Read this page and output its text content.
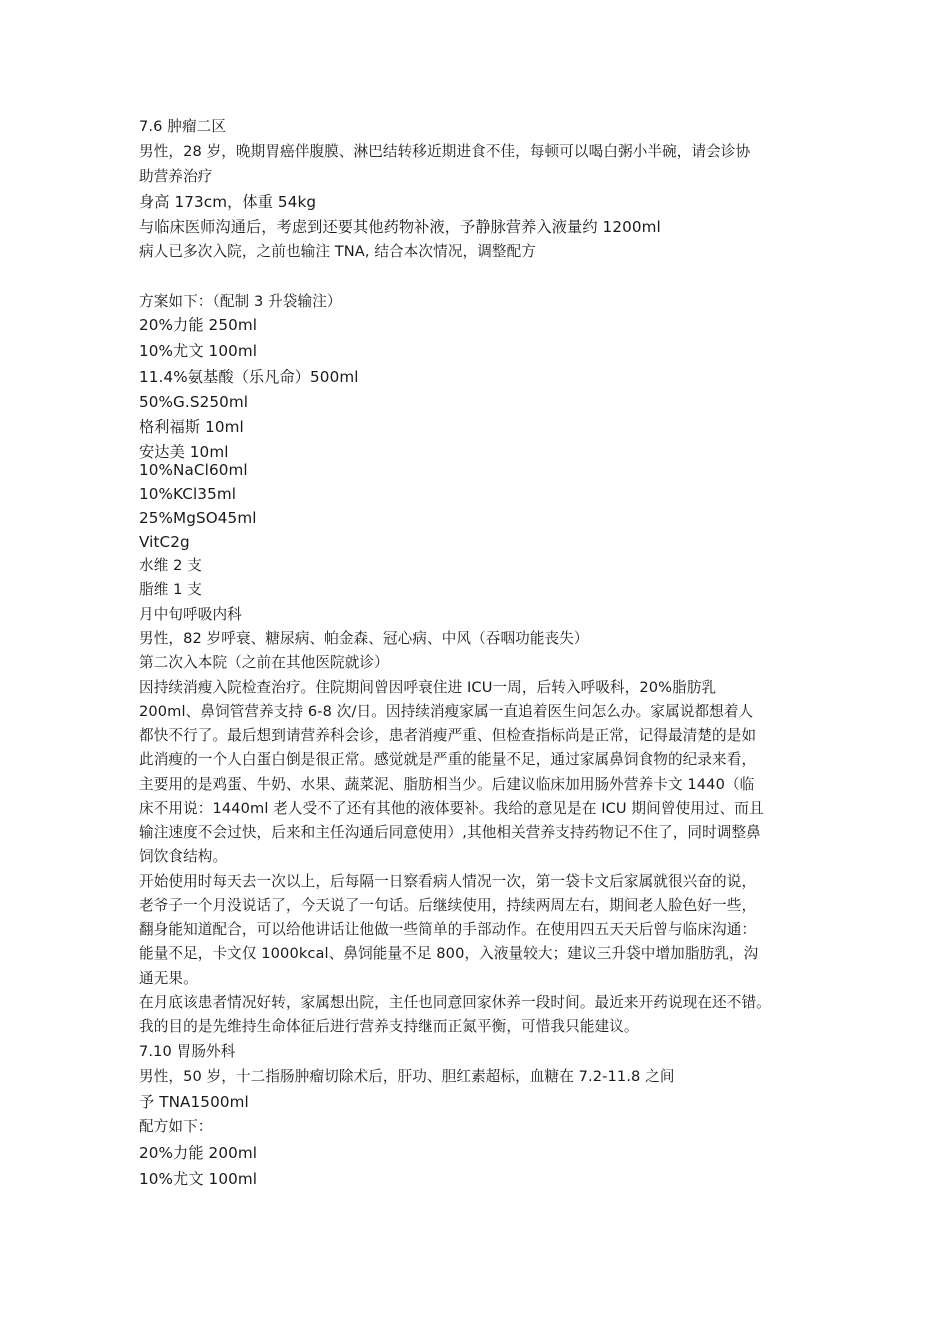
7.6 肿瘤二区
男性，28 岁，晚期胃癌伴腹膜、淋巴结转移近期进食不佳，每顿可以喝白粥小半碗，请会诊协
助营养治疗
身高 173cm，体重 54kg
与临床医师沟通后，考虑到还要其他药物补液，予静脉营养入液量约 1200ml
病人已多次入院，之前也输注 TNA, 结合本次情况，调整配方
方案如下：（配制 3 升袋输注）
20%力能 250ml
10%尤文 100ml
11.4%氨基酸（乐凡命）500ml
50%G.S250ml
格利福斯 10ml
安达美 10ml
10%NaCl60ml
10%KCl35ml
25%MgSO45ml
VitC2g
水维 2 支
脂维 1 支
月中旬呼吸内科
男性，82 岁呼衰、糖尿病、帕金森、冠心病、中风（吞咽功能丧失）
第二次入本院（之前在其他医院就诊）
因持续消瘦入院检查治疗。住院期间曾因呼衰住进 ICU一周，后转入呼吸科，20%脂肪乳
200ml、鼻饲管营养支持 6-8 次/日。因持续消瘦家属一直追着医生问怎么办。家属说都想着人
都快不行了。最后想到请营养科会诊，患者消瘦严重、但检查指标尚是正常，记得最清楚的是如
此消瘦的一个人白蛋白倒是很正常。感觉就是严重的能量不足，通过家属鼻饲食物的纪录来看，
主要用的是鸡蛋、牛奶、水果、蔬菜泥、脂肪相当少。后建议临床加用肠外营养卡文 1440（临
床不用说：1440ml 老人受不了还有其他的液体要补。我给的意见是在 ICU 期间曾使用过、而且
输注速度不会过快，后来和主任沟通后同意使用）,其他相关营养支持药物记不住了，同时调整鼻
饲饮食结构。
开始使用时每天去一次以上，后每隔一日察看病人情况一次，第一袋卡文后家属就很兴奋的说，
老爷子一个月没说话了，今天说了一句话。后继续使用，持续两周左右，期间老人脸色好一些，
翻身能知道配合，可以给他讲话让他做一些简单的手部动作。在使用四五天天后曾与临床沟通：
能量不足，卡文仅 1000kcal、鼻饲能量不足 800，入液量较大；建议三升袋中增加脂肪乳，沟
通无果。
在月底该患者情况好转，家属想出院，主任也同意回家休养一段时间。最近来开药说现在还不错。
我的目的是先维持生命体征后进行营养支持继而正氮平衡，可惜我只能建议。
7.10 胃肠外科
男性，50 岁，十二指肠肿瘤切除术后，肝功、胆红素超标，血糖在 7.2-11.8 之间
予 TNA1500ml
配方如下：
20%力能 200ml
10%尤文 100ml
